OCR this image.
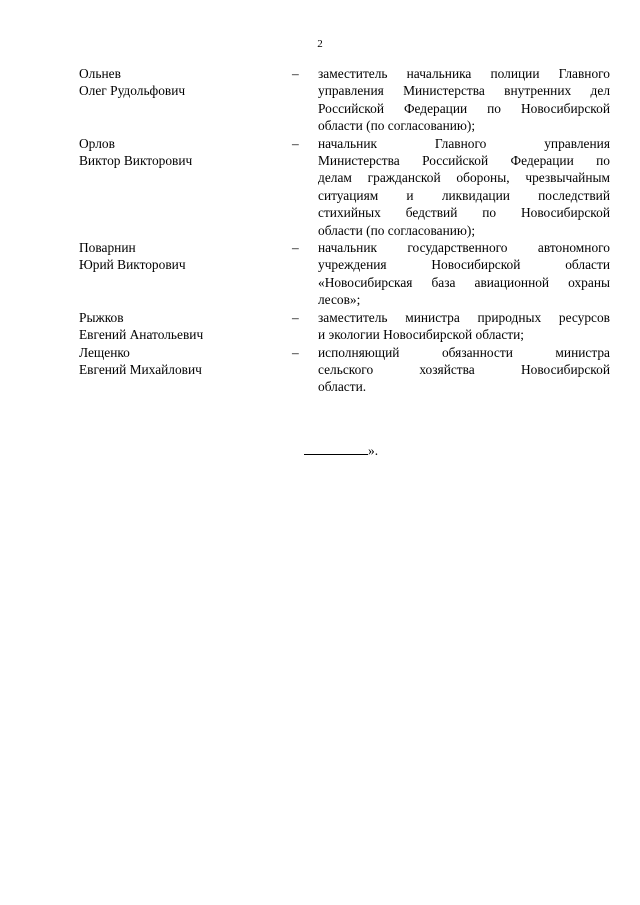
2
Ольнев
Олег Рудольфович
–	заместитель начальника полиции Главного
управления Министерства внутренних дел
Российской Федерации по Новосибирской
области (по согласованию);
Орлов
Виктор Викторович
–	начальник Главного управления
Министерства Российской Федерации по
делам гражданской обороны, чрезвычайным
ситуациям и ликвидации последствий
стихийных бедствий по Новосибирской
области (по согласованию);
Поварнин
Юрий Викторович
–	начальник государственного автономного
учреждения Новосибирской области
«Новосибирская база авиационной охраны
лесов»;
Рыжков
Евгений Анатольевич
–	заместитель министра природных ресурсов
и экологии Новосибирской области;
Лещенко
Евгений Михайлович
–	исполняющий обязанности министра
сельского хозяйства Новосибирской
области.
».
